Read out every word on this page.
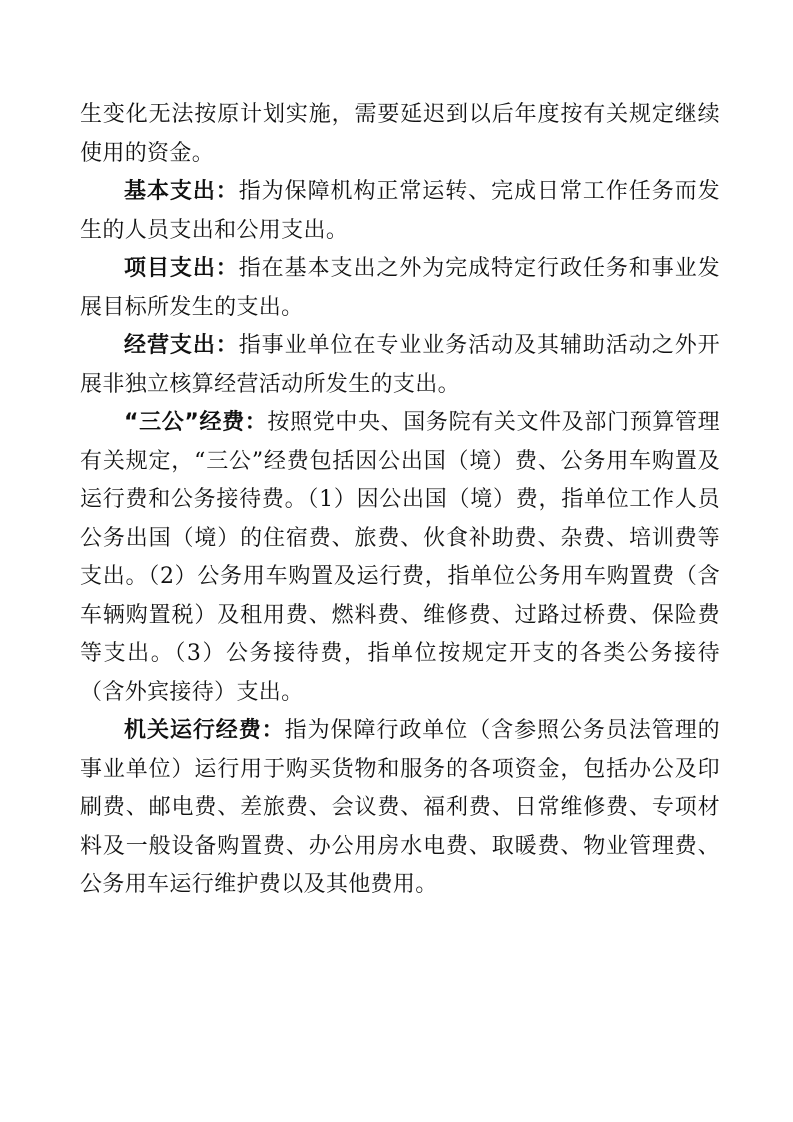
生变化无法按原计划实施，需要延迟到以后年度按有关规定继续使用的资金。

基本支出：指为保障机构正常运转、完成日常工作任务而发生的人员支出和公用支出。

项目支出：指在基本支出之外为完成特定行政任务和事业发展目标所发生的支出。

经营支出：指事业单位在专业业务活动及其辅助活动之外开展非独立核算经营活动所发生的支出。

“三公”经费：按照党中央、国务院有关文件及部门预算管理有关规定，“三公”经费包括因公出国（境）费、公务用车购置及运行费和公务接待费。（1）因公出国（境）费，指单位工作人员公务出国（境）的住宿费、旅费、伙食补助费、杂费、培训费等支出。（2）公务用车购置及运行费，指单位公务用车购置费（含车辆购置税）及租用费、燃料费、维修费、过路过桥费、保险费等支出。（3）公务接待费，指单位按规定开支的各类公务接待（含外宾接待）支出。

机关运行经费：指为保障行政单位（含参照公务员法管理的事业单位）运行用于购买货物和服务的各项资金，包括办公及印刷费、邮电费、差旅费、会议费、福利费、日常维修费、专项材料及一般设备购置费、办公用房水电费、取暖费、物业管理费、公务用车运行维护费以及其他费用。
